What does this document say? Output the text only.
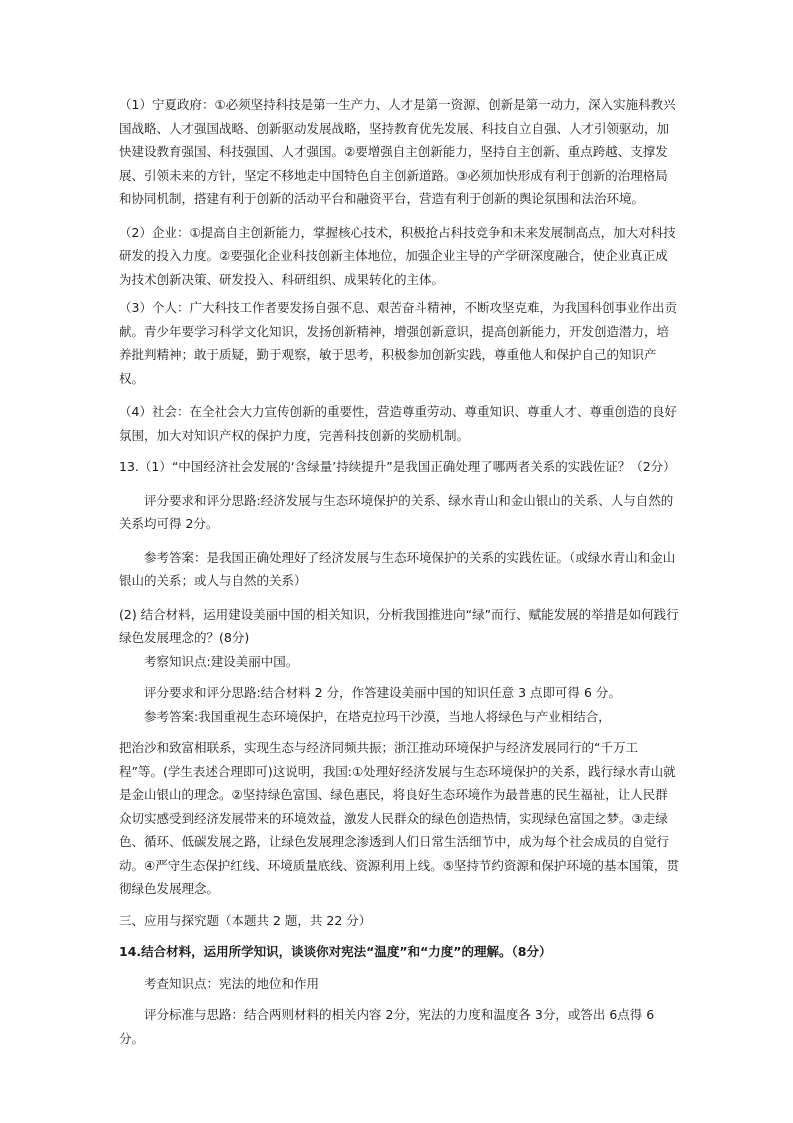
（1）宁夏政府：①必须坚持科技是第一生产力、人才是第一资源、创新是第一动力，深入实施科教兴国战略、人才强国战略、创新驱动发展战略，坚持教育优先发展、科技自立自强、人才引领驱动，加快建设教育强国、科技强国、人才强国。②要增强自主创新能力，坚持自主创新、重点跨越、支撑发展、引领未来的方针，坚定不移地走中国特色自主创新道路。③必须加快形成有利于创新的治理格局和协同机制，搭建有利于创新的活动平台和融资平台，营造有利于创新的舆论氛围和法治环境。

（2）企业：①提高自主创新能力，掌握核心技术，积极抢占科技竞争和未来发展制高点，加大对科技研发的投入力度。②要强化企业科技创新主体地位，加强企业主导的产学研深度融合，使企业真正成为技术创新决策、研发投入、科研组织、成果转化的主体。

（3）个人：广大科技工作者要发扬自强不息、艰苦奋斗精神，不断攻坚克难，为我国科创事业作出贡献。青少年要学习科学文化知识，发扬创新精神，增强创新意识，提高创新能力，开发创造潜力，培养批判精神；敢于质疑，勤于观察，敏于思考，积极参加创新实践，尊重他人和保护自己的知识产权。

（4）社会：在全社会大力宣传创新的重要性，营造尊重劳动、尊重知识、尊重人才、尊重创造的良好氛围，加大对知识产权的保护力度，完善科技创新的奖励机制。

13.（1）“中国经济社会发展的‘含绿量’持续提升”是我国正确处理了哪两者关系的实践佐证？（2分）

评分要求和评分思路:经济发展与生态环境保护的关系、绿水青山和金山银山的关系、人与自然的关系均可得 2分。

参考答案：是我国正确处理好了经济发展与生态环境保护的关系的实践佐证。（或绿水青山和金山银山的关系；或人与自然的关系）

(2) 结合材料，运用建设美丽中国的相关知识，分析我国推进向“绿”而行、赋能发展的举措是如何践行绿色发展理念的？(8分)

考察知识点:建设美丽中国。

评分要求和评分思路:结合材料 2 分，作答建设美丽中国的知识任意 3 点即可得 6 分。

参考答案:我国重视生态环境保护，在塔克拉玛干沙漠，当地人将绿色与产业相结合，

把治沙和致富相联系，实现生态与经济同频共振；浙江推动环境保护与经济发展同行的“千万工程”等。(学生表述合理即可)这说明，我国:①处理好经济发展与生态环境保护的关系，践行绿水青山就是金山银山的理念。②坚持绿色富国、绿色惠民，将良好生态环境作为最普惠的民生福祉，让人民群众切实感受到经济发展带来的环境效益，激发人民群众的绿色创造热情，实现绿色富国之梦。③走绿色、循环、低碳发展之路，让绿色发展理念渗透到人们日常生活细节中，成为每个社会成员的自觉行动。④严守生态保护红线、环境质量底线、资源利用上线。⑤坚持节约资源和保护环境的基本国策，贯彻绿色发展理念。

三、应用与探究题（本题共 2 题，共 22 分）

14.结合材料，运用所学知识，谈谈你对宪法“温度”和“力度”的理解。（8分）

考查知识点：宪法的地位和作用

评分标准与思路：结合两则材料的相关内容 2分，宪法的力度和温度各 3分，或答出 6点得 6分。
